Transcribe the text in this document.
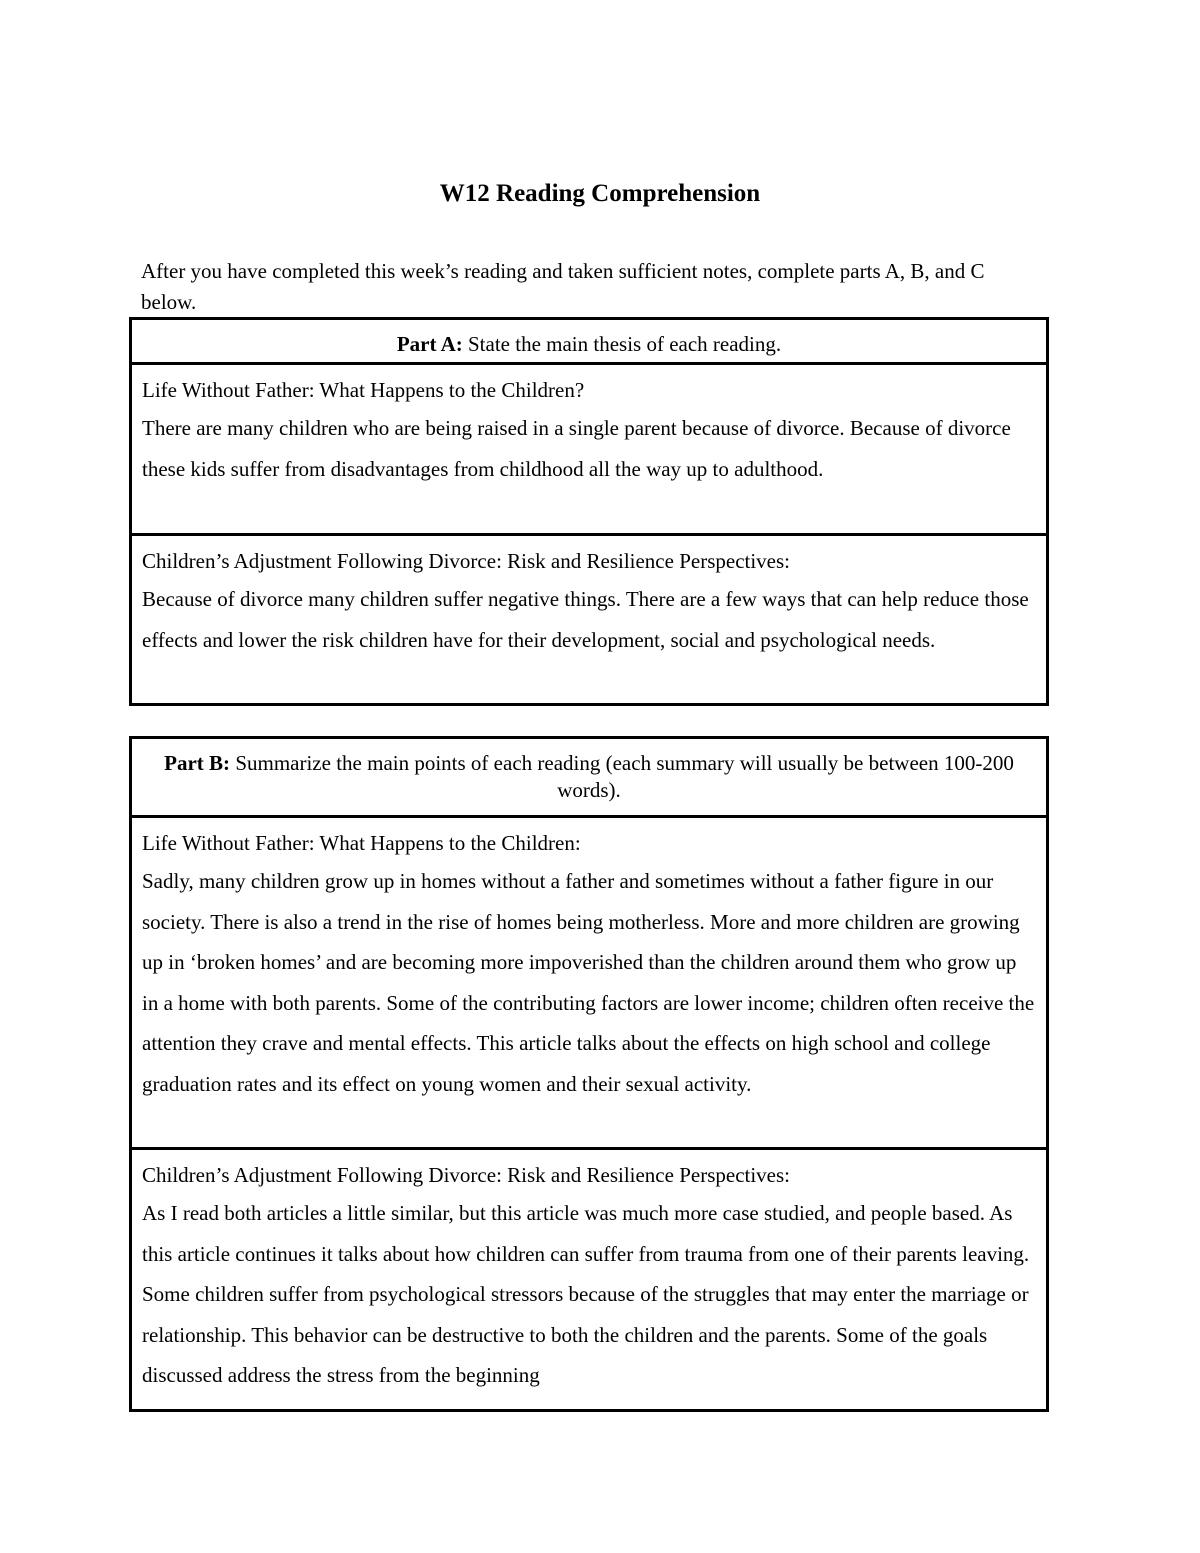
W12 Reading Comprehension

After you have completed this week’s reading and taken sufficient notes, complete parts A, B, and C below.

Part A: State the main thesis of each reading.

Life Without Father: What Happens to the Children?

There are many children who are being raised in a single parent because of divorce. Because of divorce these kids suffer from disadvantages from childhood all the way up to adulthood.

Children’s Adjustment Following Divorce: Risk and Resilience Perspectives:

Because of divorce many children suffer negative things. There are a few ways that can help reduce those effects and lower the risk children have for their development, social and psychological needs.

Part B: Summarize the main points of each reading (each summary will usually be between 100-200 words).

Life Without Father: What Happens to the Children:

Sadly, many children grow up in homes without a father and sometimes without a father figure in our society. There is also a trend in the rise of homes being motherless. More and more children are growing up in ‘broken homes’ and are becoming more impoverished than the children around them who grow up in a home with both parents. Some of the contributing factors are lower income; children often receive the attention they crave and mental effects. This article talks about the effects on high school and college graduation rates and its effect on young women and their sexual activity.

Children’s Adjustment Following Divorce: Risk and Resilience Perspectives:

As I read both articles a little similar, but this article was much more case studied, and people based. As this article continues it talks about how children can suffer from trauma from one of their parents leaving. Some children suffer from psychological stressors because of the struggles that may enter the marriage or relationship. This behavior can be destructive to both the children and the parents. Some of the goals discussed address the stress from the beginning
